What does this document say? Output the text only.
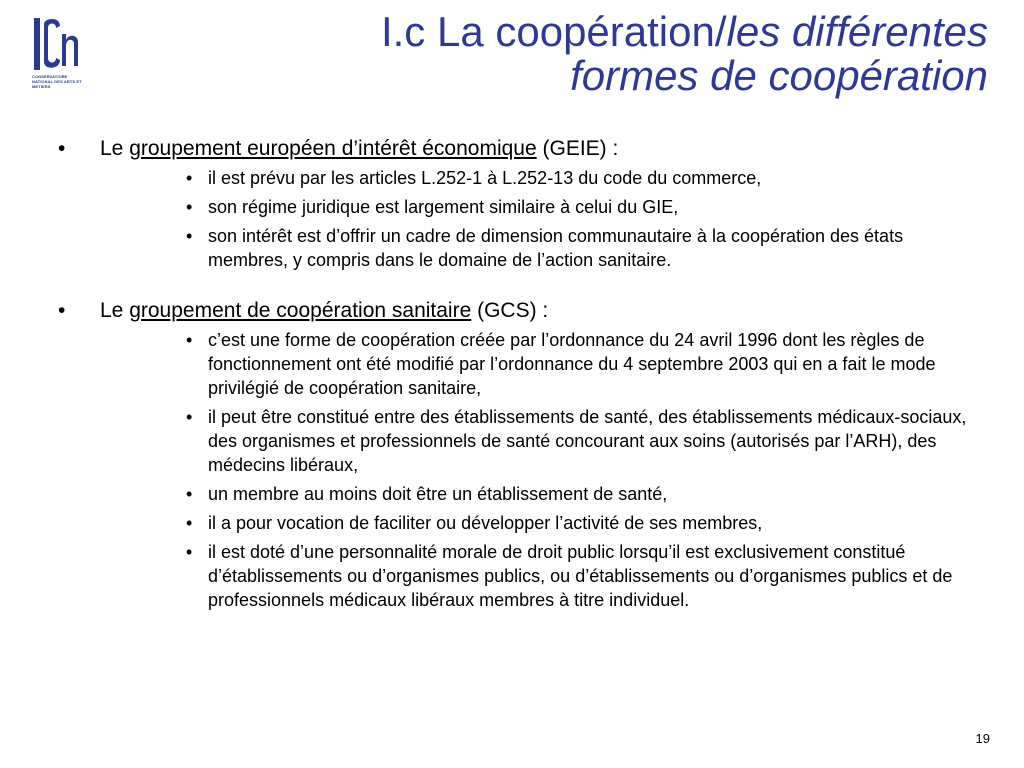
CONSERVATOIRE NATIONAL DES ARTS ET METIERS
I.c La coopération/les différentes
formes de coopération
• Le groupement européen d’intérêt économique (GEIE) :
• il est prévu par les articles L.252-1 à L.252-13 du code du commerce,
• son régime juridique est largement similaire à celui du GIE,
• son intérêt est d’offrir un cadre de dimension communautaire à la coopération des états membres, y compris dans le domaine de l’action sanitaire.
• Le groupement de coopération sanitaire (GCS) :
• c’est une forme de coopération créée par l’ordonnance du 24 avril 1996 dont les règles de fonctionnement ont été modifié par l’ordonnance du 4 septembre 2003 qui en a fait le mode privilégié de coopération sanitaire,
• il peut être constitué entre des établissements de santé, des établissements médicaux-sociaux, des organismes et professionnels de santé concourant aux soins (autorisés par l’ARH), des médecins libéraux,
• un membre au moins doit être un établissement de santé,
• il a pour vocation de faciliter ou développer l’activité de ses membres,
• il est doté d’une personnalité morale de droit public lorsqu’il est exclusivement constitué d’établissements ou d’organismes publics, ou d’établissements ou d’organismes publics et de professionnels médicaux libéraux membres à titre individuel.
19
